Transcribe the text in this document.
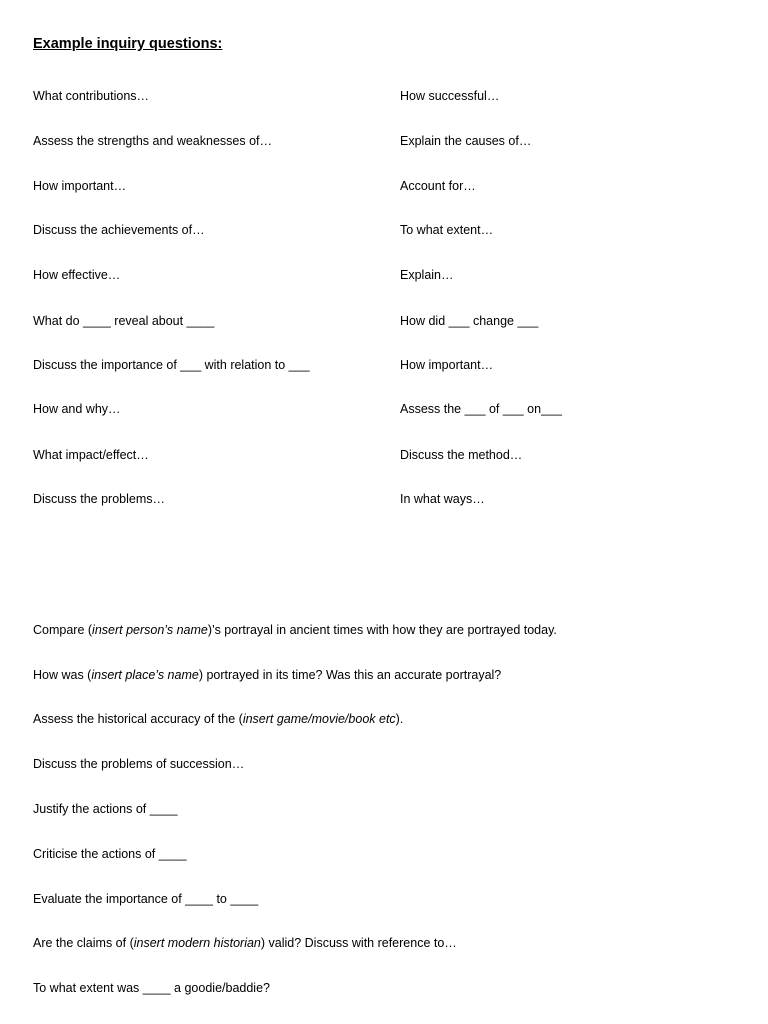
Example inquiry questions:
What contributions…
Assess the strengths and weaknesses of…
How important…
Discuss the achievements of…
How effective…
What do ____ reveal about ____
Discuss the importance of ___ with relation to ___
How and why…
What impact/effect…
Discuss the problems…
How successful…
Explain the causes of…
Account for…
To what extent…
Explain…
How did ___ change ___
How important…
Assess the ___ of ___ on___
Discuss the method…
In what ways…
Compare (insert person’s name)’s portrayal in ancient times with how they are portrayed today.
How was (insert place’s name) portrayed in its time? Was this an accurate portrayal?
Assess the historical accuracy of the (insert game/movie/book etc).
Discuss the problems of succession…
Justify the actions of ____
Criticise the actions of ____
Evaluate the importance of ____ to ____
Are the claims of (insert modern historian) valid? Discuss with reference to…
To what extent was ____ a goodie/baddie?
